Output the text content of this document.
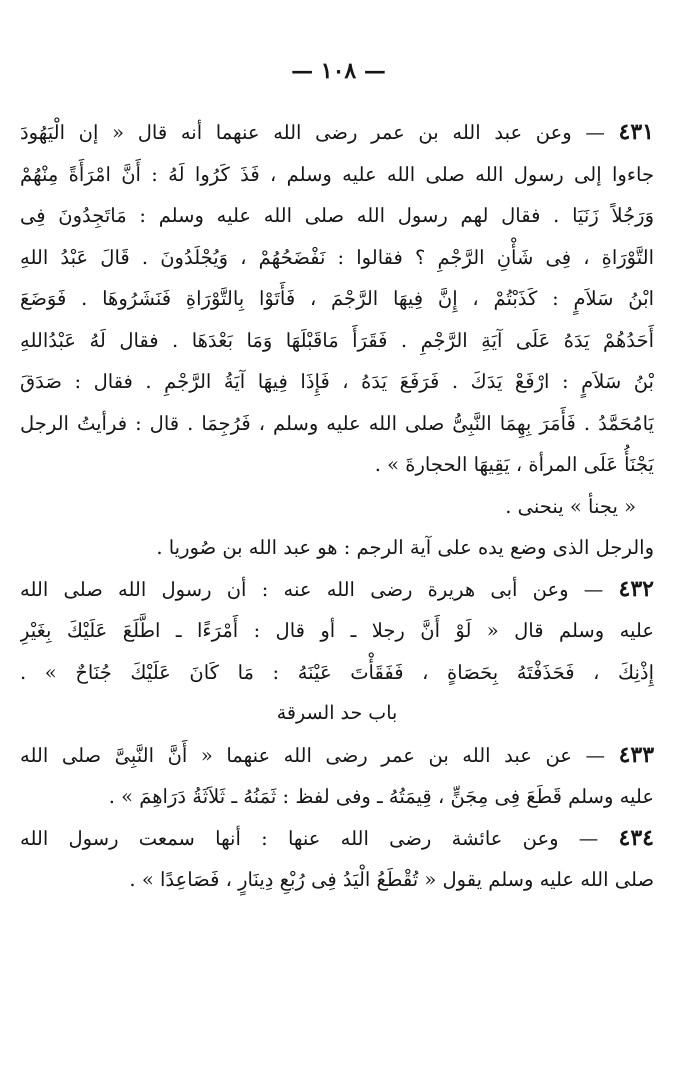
— ١٠٨ —
٤٣١ — وعن عبد الله بن عمر رضى الله عنهما أنه قال « إن الْيَهُودَ
جاءوا إلى رسول الله صلى الله عليه وسلم ، فَذَ كَرُوا لَهُ : أَنَّ امْرَأَةً مِنْهُمْ
وَرَجُلاً زَنَيَا . فقال لهم رسول الله صلى الله عليه وسلم : مَاتَجِدُونَ فِى
التَّوْرَاةِ ، فِى شَأْنِ الرَّجْمِ ؟ فقالوا : نَفْضَحُهُمْ ، وَيُجْلَدُونَ . قَالَ عَبْدُ اللهِ
ابْنُ سَلاَمٍ : كَذَبْتُمْ ، إِنَّ فِيهَا الرَّجْمَ ، فَأَتَوْا بِالتَّوْرَاةِ فَنَشَرُوهَا . فَوَضَعَ
أَحَدُهُمْ يَدَهُ عَلَى آيَةِ الرَّجْمِ . فَقَرَأَ مَاقَبْلَهَا وَمَا بَعْدَهَا . فقال لَهُ عَبْدُاللهِ
بْنُ سَلاَمٍ : ارْفَعْ يَدَكَ . فَرَفَعَ يَدَهُ ، فَإِذَا فِيهَا آيَةُ الرَّجْمِ . فقال : صَدَقَ
يَامُحَمَّدُ . فَأَمَرَ بِهِمَا النَّبِىُّ صلى الله عليه وسلم ، فَرُجِمَا . قال : فرأيتُ الرجل
يَجْنَأُ عَلَى المرأة ، يَقِيهَا الحجارةَ » .
« يجنأ » ينحنى .
والرجل الذى وضع يده على آية الرجم : هو عبد الله بن صُوريا .
٤٣٢ — وعن أبى هريرة رضى الله عنه : أن رسول الله صلى الله
عليه وسلم قال « لَوْ أَنَّ رجلا ـ أو قال : أَمْرَءًا ـ اطَّلَعَ عَلَيْكَ بِغَيْرِ
إِذْنِكَ ، فَحَذَفْتَهُ بِحَصَاةٍ ، فَفَقَأْتَ عَيْنَهُ : مَا كَانَ عَلَيْكَ جُنَاحٌ » .
باب حد السرقة
٤٣٣ — عن عبد الله بن عمر رضى الله عنهما « أَنَّ النَّبِىَّ صلى الله
عليه وسلم قَطَعَ فِى مِجَنٍّ ، قِيمَتُهُ ـ وفى لفظ : ثَمَنُهُ ـ ثَلاَثَةُ دَرَاهِمَ » .
٤٣٤ — وعن عائشة رضى الله عنها : أنها سمعت رسول الله
صلى الله عليه وسلم يقول « تُقْطَعُ الْيَدُ فِى رُبْعِ دِينَارٍ ، فَصَاعِدًا » .
